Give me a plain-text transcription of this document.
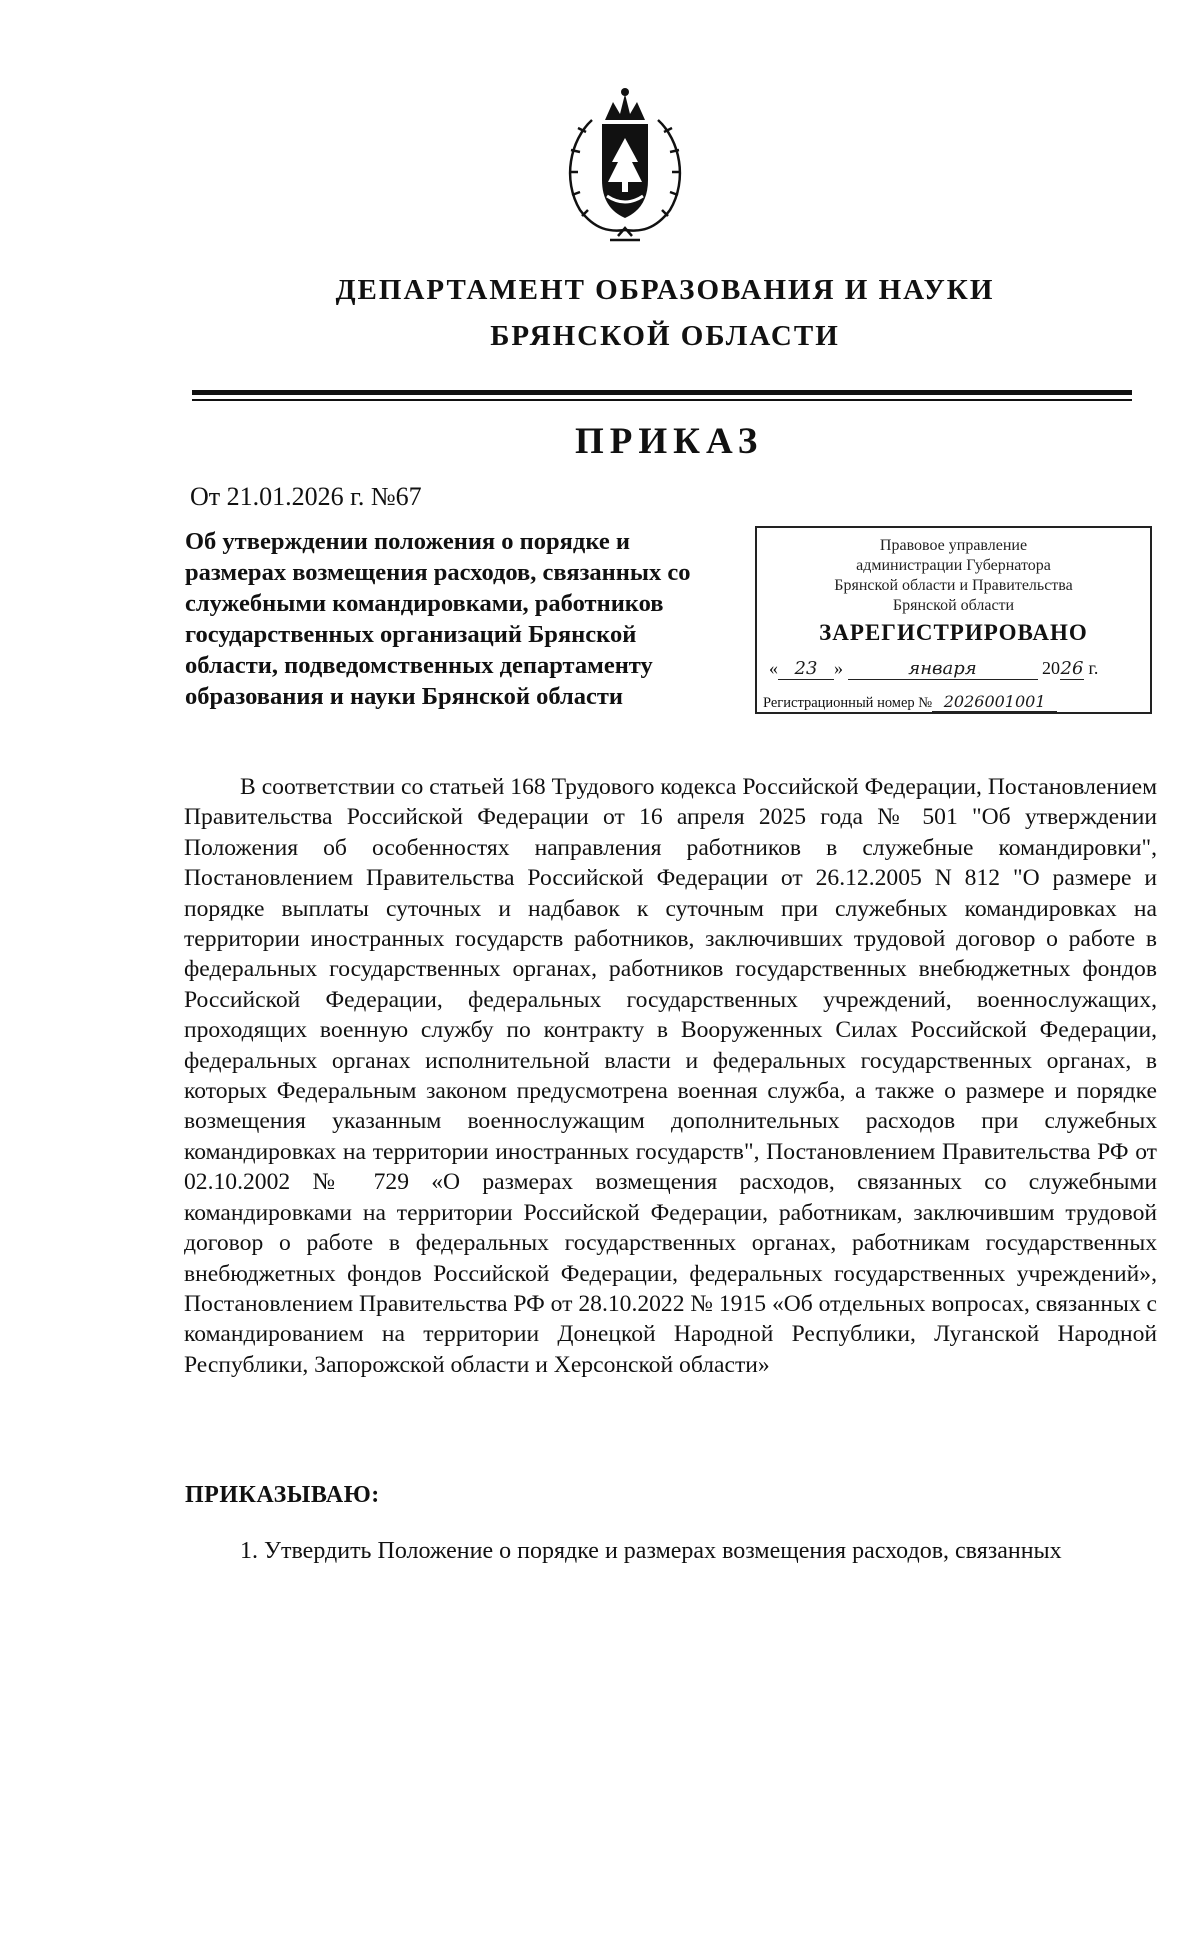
ДЕПАРТАМЕНТ ОБРАЗОВАНИЯ И НАУКИ
БРЯНСКОЙ ОБЛАСТИ
ПРИКАЗ
От 21.01.2026 г. №67

Об утверждении положения о порядке и размерах возмещения расходов, связанных со служебными командировками, работников государственных организаций Брянской области, подведомственных департаменту образования и науки Брянской области

Правовое управление
администрации Губернатора
Брянской области и Правительства
Брянской области
ЗАРЕГИСТРИРОВАНО
« 23 »	января	2026 г.
Регистрационный номер № 2026001001

В соответствии со статьей 168 Трудового кодекса Российской Федерации, Постановлением Правительства Российской Федерации от 16 апреля 2025 года № 501 "Об утверждении Положения об особенностях направления работников в служебные командировки", Постановлением Правительства Российской Федерации от 26.12.2005 N 812 "О размере и порядке выплаты суточных и надбавок к суточным при служебных командировках на территории иностранных государств работников, заключивших трудовой договор о работе в федеральных государственных органах, работников государственных внебюджетных фондов Российской Федерации, федеральных государственных учреждений, военнослужащих, проходящих военную службу по контракту в Вооруженных Силах Российской Федерации, федеральных органах исполнительной власти и федеральных государственных органах, в которых Федеральным законом предусмотрена военная служба, а также о размере и порядке возмещения указанным военнослужащим дополнительных расходов при служебных командировках на территории иностранных государств", Постановлением Правительства РФ от 02.10.2002 № 729 «О размерах возмещения расходов, связанных со служебными командировками на территории Российской Федерации, работникам, заключившим трудовой договор о работе в федеральных государственных органах, работникам государственных внебюджетных фондов Российской Федерации, федеральных государственных учреждений», Постановлением Правительства РФ от 28.10.2022 № 1915 «Об отдельных вопросах, связанных с командированием на территории Донецкой Народной Республики, Луганской Народной Республики, Запорожской области и Херсонской области»

ПРИКАЗЫВАЮ:
1. Утвердить Положение о порядке и размерах возмещения расходов, связанных
